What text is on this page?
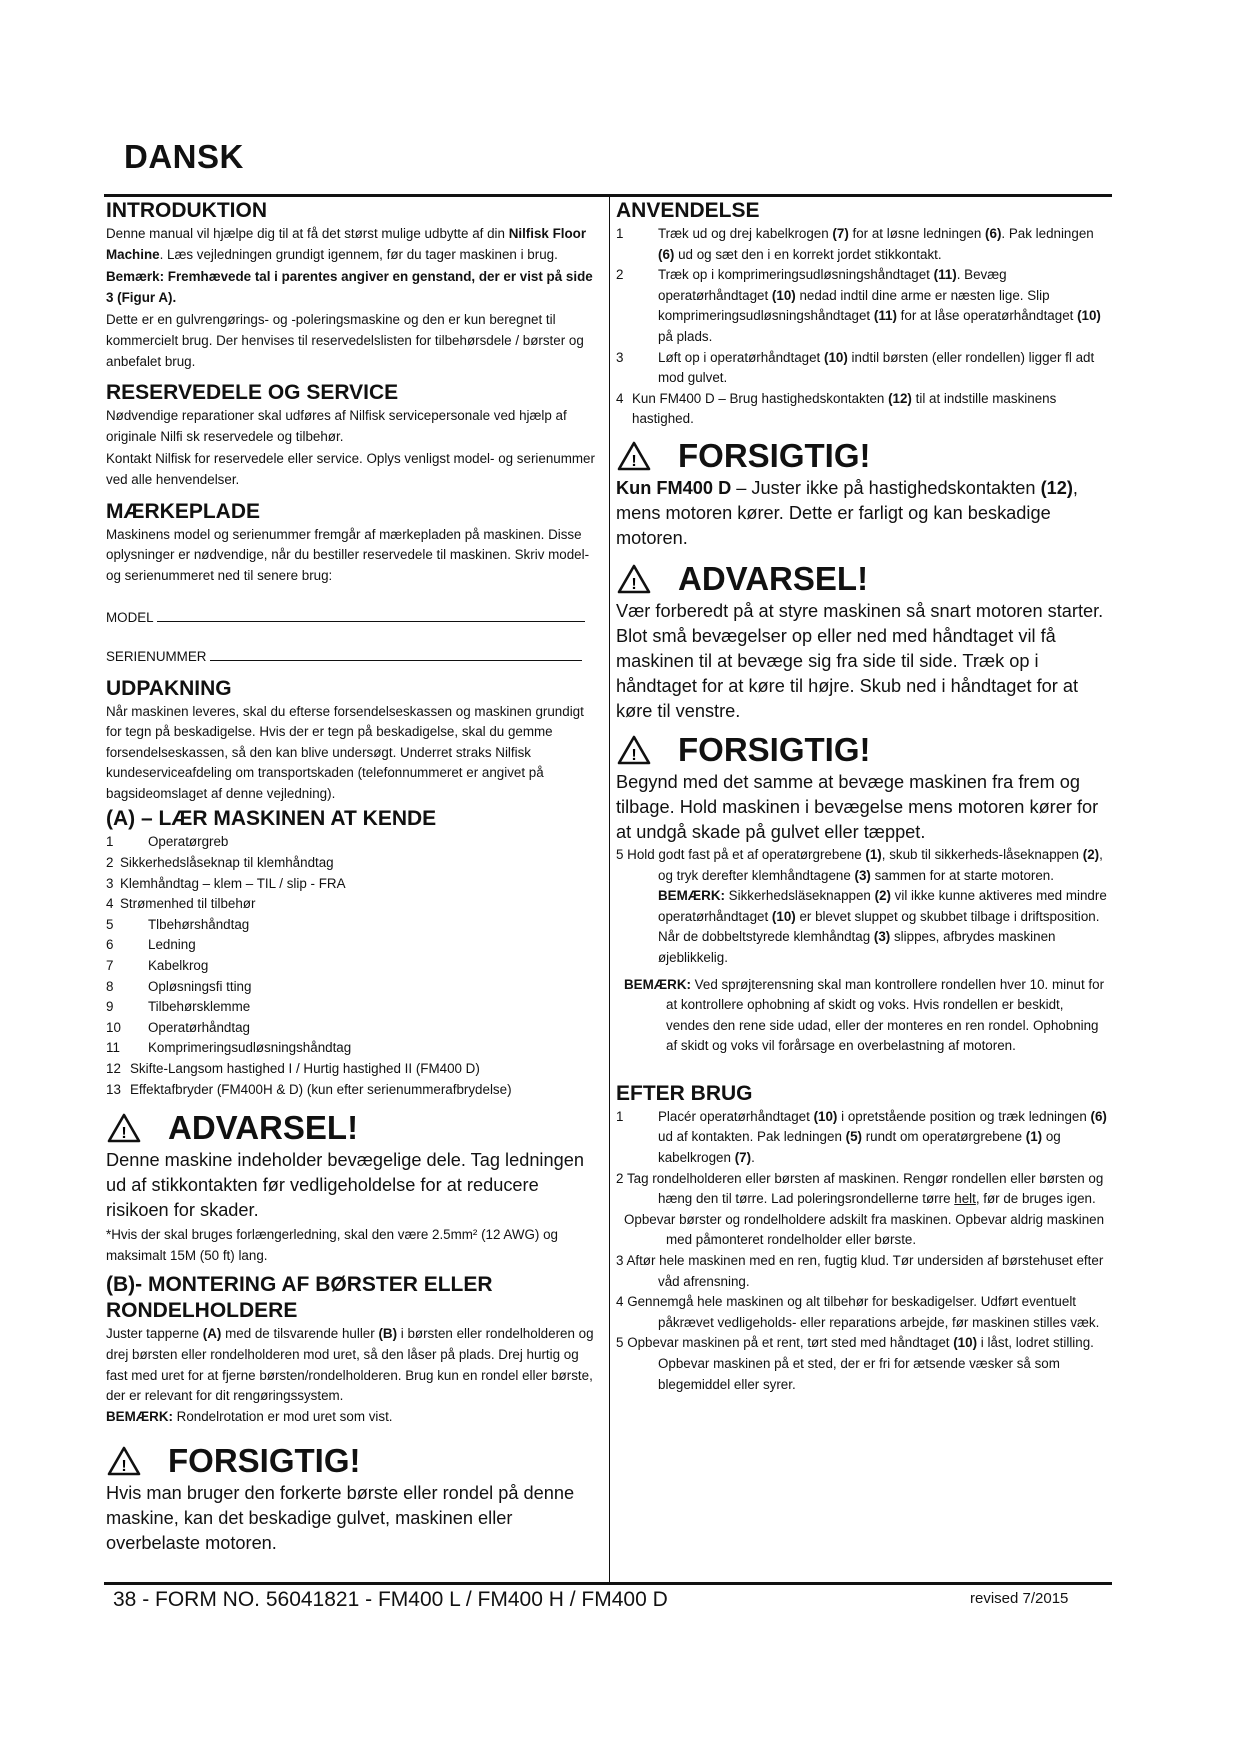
DANSK
INTRODUKTION

Denne manual vil hjælpe dig til at få det størst mulige udbytte af din Nilfisk Floor Machine. Læs vejledningen grundigt igennem, før du tager maskinen i brug.

Bemærk: Fremhævede tal i parentes angiver en genstand, der er vist på side 3 (Figur A).

Dette er en gulvrengørings- og -poleringsmaskine og den er kun beregnet til kommercielt brug. Der henvises til reservedelslisten for tilbehørsdele / børster og anbefalet brug.

RESERVEDELE OG SERVICE

Nødvendige reparationer skal udføres af Nilfisk servicepersonale ved hjælp af originale Nilfi sk reservedele og tilbehør.

Kontakt Nilfisk for reservedele eller service. Oplys venligst model- og serienummer ved alle henvendelser.

MÆRKEPLADE

Maskinens model og serienummer fremgår af mærkepladen på maskinen. Disse oplysninger er nødvendige, når du bestiller reservedele til maskinen. Skriv model- og serienummeret ned til senere brug:

MODEL

SERIENUMMER

UDPAKNING

Når maskinen leveres, skal du efterse forsendelseskassen og maskinen grundigt for tegn på beskadigelse. Hvis der er tegn på beskadigelse, skal du gemme forsendelseskassen, så den kan blive undersøgt. Underret straks Nilfisk kundeserviceafdeling om transportskaden (telefonnummeret er angivet på bagsideomslaget af denne vejledning).

(A) – LÆR MASKINEN AT KENDE
1	Operatørgreb
2 Sikkerhedslåseknap til klemhåndtag
3 Klemhåndtag – klem – TIL / slip - FRA
4 Strømenhed til tilbehør
5	Tlbehørshåndtag
6	Ledning
7	Kabelkrog
8	Opløsningsfi tting
9	Tilbehørsklemme
10	Operatørhåndtag
11	Komprimeringsudløsningshåndtag
12 Skifte-Langsom hastighed I / Hurtig hastighed II (FM400 D)
13 Effektafbryder (FM400H & D) (kun efter serienummerafbrydelse)
! ADVARSEL!

Denne maskine indeholder bevægelige dele. Tag ledningen ud af stikkontakten før vedligeholdelse for at reducere risikoen for skader.

*Hvis der skal bruges forlængerledning, skal den være 2.5mm² (12 AWG) og maksimalt 15M (50 ft) lang.

(B)- MONTERING AF BØRSTER ELLER RONDELHOLDERE

Juster tapperne (A) med de tilsvarende huller (B) i børsten eller rondelholderen og drej børsten eller rondelholderen mod uret, så den låser på plads. Drej hurtig og fast med uret for at fjerne børsten/rondelholderen. Brug kun en rondel eller børste, der er relevant for dit rengøringssystem.

BEMÆRK: Rondelrotation er mod uret som vist.

! FORSIGTIG!

Hvis man bruger den forkerte børste eller rondel på denne maskine, kan det beskadige gulvet, maskinen eller overbelaste motoren.

ANVENDELSE
1	Træk ud og drej kabelkrogen (7) for at løsne ledningen (6). Pak ledningen (6) ud og sæt den i en korrekt jordet stikkontakt.
2	Træk op i komprimeringsudløsningshåndtaget (11). Bevæg operatørhåndtaget (10) nedad indtil dine arme er næsten lige. Slip komprimeringsudløsningshåndtaget (11) for at låse operatørhåndtaget (10) på plads.
3	Løft op i operatørhåndtaget (10) indtil børsten (eller rondellen) ligger fl adt mod gulvet.
4 Kun FM400 D – Brug hastighedskontakten (12) til at indstille maskinens hastighed.
! FORSIGTIG!

Kun FM400 D – Juster ikke på hastighedskontakten (12), mens motoren kører. Dette er farligt og kan beskadige motoren.

! ADVARSEL!

Vær forberedt på at styre maskinen så snart motoren starter. Blot små bevægelser op eller ned med håndtaget vil få maskinen til at bevæge sig fra side til side. Træk op i håndtaget for at køre til højre. Skub ned i håndtaget for at køre til venstre.

! FORSIGTIG!

Begynd med det samme at bevæge maskinen fra frem og tilbage. Hold maskinen i bevægelse mens motoren kører for at undgå skade på gulvet eller tæppet.

5 Hold godt fast på et af operatørgrebene (1), skub til sikkerheds-låseknappen (2), og tryk derefter klemhåndtagene (3) sammen for at starte motoren. BEMÆRK: Sikkerhedsläseknappen (2) vil ikke kunne aktiveres med mindre operatørhåndtaget (10) er blevet sluppet og skubbet tilbage i driftsposition. Når de dobbeltstyrede klemhåndtag (3) slippes, afbrydes maskinen øjeblikkelig.
BEMÆRK: Ved sprøjterensning skal man kontrollere rondellen hver 10. minut for at kontrollere ophobning af skidt og voks. Hvis rondellen er beskidt, vendes den rene side udad, eller der monteres en ren rondel. Ophobning af skidt og voks vil forårsage en overbelastning af motoren.
EFTER BRUG
1	Placér operatørhåndtaget (10) i opretstående position og træk ledningen (6) ud af kontakten. Pak ledningen (5) rundt om operatørgrebene (1) og kabelkrogen (7).
2 Tag rondelholderen eller børsten af maskinen. Rengør rondellen eller børsten og hæng den til tørre. Lad poleringsrondellerne tørre helt, før de bruges igen.
Opbevar børster og rondelholdere adskilt fra maskinen. Opbevar aldrig maskinen med påmonteret rondelholder eller børste.
3 Aftør hele maskinen med en ren, fugtig klud. Tør undersiden af børstehuset efter våd afrensning.
4 Gennemgå hele maskinen og alt tilbehør for beskadigelser. Udført eventuelt påkrævet vedligeholds- eller reparations arbejde, før maskinen stilles væk.
5 Opbevar maskinen på et rent, tørt sted med håndtaget (10) i låst, lodret stilling. Opbevar maskinen på et sted, der er fri for ætsende væsker så som blegemiddel eller syrer.
38 - FORM NO. 56041821 - FM400 L / FM400 H / FM400 D	revised 7/2015
